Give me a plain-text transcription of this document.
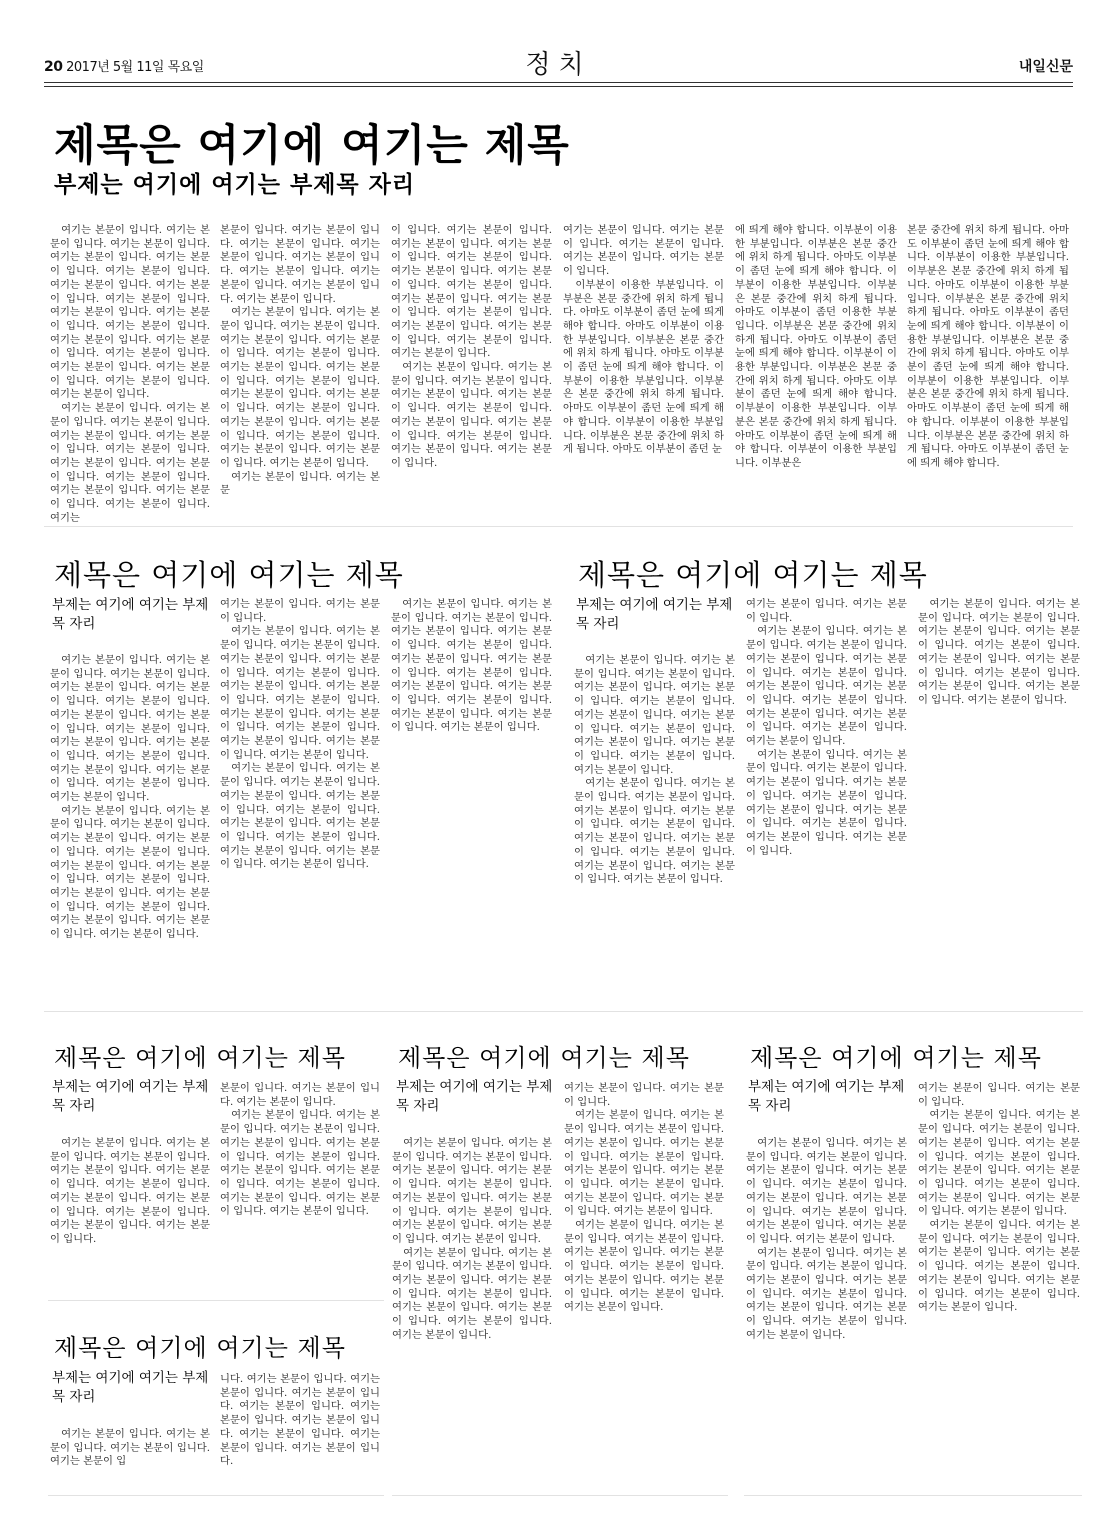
20 2017년 5월 11일 목요일	정치	내일신문
제목은 여기에 여기는 제목
부제는 여기에 여기는 부제목 자리
　여기는 본문이 입니다. 여기는 본문이 입니다. 여기는 본문이 입니다. 여기는 본문이 입니다. 여기는 본문이 입니다. 여기는 본문이 입니다. 여기는 본문이 입니다. 여기는 본문이 입니다. 여기는 본문이 입니다. 여기는 본문이 입니다. 여기는 본문이 입니다. 여기는 본문이 입니다. 여기는 본문이 입니다. 여기는 본문이 입니다. 여기는 본문이 입니다. 여기는 본문이 입니다. 여기는 본문이 입니다. 여기는 본문이 입니다. 여기는 본문이 입니다.
　여기는 본문이 입니다. 여기는 본문이 입니다. 여기는 본문이 입니다. 여기는 본문이 입니다. 여기는 본문이 입니다. 여기는 본문이 입니다. 여기는 본문이 입니다. 여기는 본문이 입니다. 여기는 본문이 입니다. 여기는 본문이 입니다. 여기는 본문이 입니다. 여기는 본문이 입니다. 여기는
본문이 입니다. 여기는 본문이 입니다. 여기는 본문이 입니다. 여기는 본문이 입니다. 여기는 본문이 입니다. 여기는 본문이 입니다. 여기는 본문이 입니다. 여기는 본문이 입니다. 여기는 본문이 입니다.
　여기는 본문이 입니다. 여기는 본문이 입니다. 여기는 본문이 입니다. 여기는 본문이 입니다. 여기는 본문이 입니다. 여기는 본문이 입니다. 여기는 본문이 입니다. 여기는 본문이 입니다. 여기는 본문이 입니다. 여기는 본문이 입니다. 여기는 본문이 입니다. 여기는 본문이 입니다. 여기는 본문이 입니다. 여기는 본문이 입니다. 여기는 본문이 입니다. 여기는 본문이 입니다. 여기는 본문이 입니다. 여기는 본문이 입니다.
　여기는 본문이 입니다. 여기는 본문
이 입니다. 여기는 본문이 입니다. 여기는 본문이 입니다. 여기는 본문이 입니다. 여기는 본문이 입니다. 여기는 본문이 입니다. 여기는 본문이 입니다. 여기는 본문이 입니다. 여기는 본문이 입니다. 여기는 본문이 입니다. 여기는 본문이 입니다. 여기는 본문이 입니다. 여기는 본문이 입니다. 여기는 본문이 입니다. 여기는 본문이 입니다.
　여기는 본문이 입니다. 여기는 본문이 입니다. 여기는 본문이 입니다. 여기는 본문이 입니다. 여기는 본문이 입니다. 여기는 본문이 입니다. 여기는 본문이 입니다. 여기는 본문이 입니다. 여기는 본문이 입니다. 여기는 본문이 입니다. 여기는 본문이 입니다.
여기는 본문이 입니다. 여기는 본문이 입니다. 여기는 본문이 입니다. 여기는 본문이 입니다. 여기는 본문이 입니다.
　이부분이 이용한 부분입니다. 이부분은 본문 중간에 위치 하게 됩니다. 아마도 이부분이 좀던 눈에 띄게 해야 합니다. 아마도 이부분이 이용한 부분입니다. 이부분은 본문 중간에 위치 하게 됩니다. 아마도 이부분이 좀던 눈에 띄게 해야 합니다. 이부분이 이용한 부분입니다. 이부분은 본문 중간에 위치 하게 됩니다. 아마도 이부분이 좀던 눈에 띄게 해야 합니다. 이부분이 이용한 부분입니다. 이부분은 본문 중간에 위치 하게 됩니다. 아마도 이부분이 좀던 눈
에 띄게 해야 합니다. 이부분이 이용한 부분입니다. 이부분은 본문 중간에 위치 하게 됩니다. 아마도 이부분이 좀던 눈에 띄게 해야 합니다. 이부분이 이용한 부분입니다. 이부분은 본문 중간에 위치 하게 됩니다. 아마도 이부분이 좀던 이용한 부분입니다. 이부분은 본문 중간에 위치 하게 됩니다. 아마도 이부분이 좀던 눈에 띄게 해야 합니다. 이부분이 이용한 부분입니다. 이부분은 본문 중간에 위치 하게 됩니다. 아마도 이부분이 좀던 눈에 띄게 해야 합니다. 이부분이 이용한 부분입니다. 이부분은 본문 중간에 위치 하게 됩니다. 아마도 이부분이 좀던 눈에 띄게 해야 합니다. 이부분이 이용한 부분입니다. 이부분은
본문 중간에 위치 하게 됩니다. 아마도 이부분이 좀던 눈에 띄게 해야 합니다. 이부분이 이용한 부분입니다. 이부분은 본문 중간에 위치 하게 됩니다. 아마도 이부분이 이용한 부분입니다. 이부분은 본문 중간에 위치 하게 됩니다. 아마도 이부분이 좀던 눈에 띄게 해야 합니다. 이부분이 이용한 부분입니다. 이부분은 본문 중간에 위치 하게 됩니다. 아마도 이부분이 좀던 눈에 띄게 해야 합니다. 이부분이 이용한 부분입니다. 이부분은 본문 중간에 위치 하게 됩니다. 아마도 이부분이 좀던 눈에 띄게 해야 합니다. 이부분이 이용한 부분입니다. 이부분은 본문 중간에 위치 하게 됩니다. 아마도 이부분이 좀던 눈에 띄게 해야 합니다.
제목은 여기에 여기는 제목
부제는 여기에 여기는 부제목 자리
　여기는 본문이 입니다. 여기는 본문이 입니다. 여기는 본문이 입니다. 여기는 본문이 입니다. 여기는 본문이 입니다. 여기는 본문이 입니다. 여기는 본문이 입니다. 여기는 본문이 입니다. 여기는 본문이 입니다. 여기는 본문이 입니다. 여기는 본문이 입니다. 여기는 본문이 입니다. 여기는 본문이 입니다. 여기는 본문이 입니다. 여기는 본문이 입니다. 여기는 본문이 입니다.
　여기는 본문이 입니다. 여기는 본문이 입니다. 여기는 본문이 입니다. 여기는 본문이 입니다. 여기는 본문이 입니다. 여기는 본문이 입니다. 여기는 본문이 입니다. 여기는 본문이 입니다. 여기는 본문이 입니다. 여기는 본문이 입니다. 여기는 본문이 입니다. 여기는 본문이 입니다. 여기는 본문이 입니다. 여기는 본문이 입니다. 여기는 본문이 입니다.
여기는 본문이 입니다. 여기는 본문이 입니다.
　여기는 본문이 입니다. 여기는 본문이 입니다. 여기는 본문이 입니다. 여기는 본문이 입니다. 여기는 본문이 입니다. 여기는 본문이 입니다. 여기는 본문이 입니다. 여기는 본문이 입니다. 여기는 본문이 입니다. 여기는 본문이 입니다. 여기는 본문이 입니다. 여기는 본문이 입니다. 여기는 본문이 입니다. 여기는 본문이 입니다. 여기는 본문이 입니다.
　여기는 본문이 입니다. 여기는 본문이 입니다. 여기는 본문이 입니다. 여기는 본문이 입니다. 여기는 본문이 입니다. 여기는 본문이 입니다. 여기는 본문이 입니다. 여기는 본문이 입니다. 여기는 본문이 입니다. 여기는 본문이 입니다. 여기는 본문이 입니다. 여기는 본문이 입니다.
　여기는 본문이 입니다. 여기는 본문이 입니다. 여기는 본문이 입니다. 여기는 본문이 입니다. 여기는 본문이 입니다. 여기는 본문이 입니다. 여기는 본문이 입니다. 여기는 본문이 입니다. 여기는 본문이 입니다. 여기는 본문이 입니다. 여기는 본문이 입니다. 여기는 본문이 입니다. 여기는 본문이 입니다. 여기는 본문이 입니다. 여기는 본문이 입니다.
제목은 여기에 여기는 제목
부제는 여기에 여기는 부제목 자리
　여기는 본문이 입니다. 여기는 본문이 입니다. 여기는 본문이 입니다. 여기는 본문이 입니다. 여기는 본문이 입니다. 여기는 본문이 입니다. 여기는 본문이 입니다. 여기는 본문이 입니다. 여기는 본문이 입니다. 여기는 본문이 입니다. 여기는 본문이 입니다. 여기는 본문이 입니다. 여기는 본문이 입니다.
　여기는 본문이 입니다. 여기는 본문이 입니다. 여기는 본문이 입니다. 여기는 본문이 입니다. 여기는 본문이 입니다. 여기는 본문이 입니다. 여기는 본문이 입니다. 여기는 본문이 입니다. 여기는 본문이 입니다. 여기는 본문이 입니다. 여기는 본문이 입니다. 여기는 본문이 입니다.
여기는 본문이 입니다. 여기는 본문이 입니다.
　여기는 본문이 입니다. 여기는 본문이 입니다. 여기는 본문이 입니다. 여기는 본문이 입니다. 여기는 본문이 입니다. 여기는 본문이 입니다. 여기는 본문이 입니다. 여기는 본문이 입니다. 여기는 본문이 입니다. 여기는 본문이 입니다. 여기는 본문이 입니다. 여기는 본문이 입니다. 여기는 본문이 입니다.
　여기는 본문이 입니다. 여기는 본문이 입니다. 여기는 본문이 입니다. 여기는 본문이 입니다. 여기는 본문이 입니다. 여기는 본문이 입니다. 여기는 본문이 입니다. 여기는 본문이 입니다. 여기는 본문이 입니다. 여기는 본문이 입니다. 여기는 본문이 입니다.
　여기는 본문이 입니다. 여기는 본문이 입니다. 여기는 본문이 입니다. 여기는 본문이 입니다. 여기는 본문이 입니다. 여기는 본문이 입니다. 여기는 본문이 입니다. 여기는 본문이 입니다. 여기는 본문이 입니다. 여기는 본문이 입니다. 여기는 본문이 입니다. 여기는 본문이 입니다.
제목은 여기에 여기는 제목
부제는 여기에 여기는 부제목 자리
　여기는 본문이 입니다. 여기는 본문이 입니다. 여기는 본문이 입니다. 여기는 본문이 입니다. 여기는 본문이 입니다. 여기는 본문이 입니다. 여기는 본문이 입니다. 여기는 본문이 입니다. 여기는 본문이 입니다. 여기는 본문이 입니다. 여기는 본문이 입니다.
본문이 입니다. 여기는 본문이 입니다. 여기는 본문이 입니다.
　여기는 본문이 입니다. 여기는 본문이 입니다. 여기는 본문이 입니다. 여기는 본문이 입니다. 여기는 본문이 입니다. 여기는 본문이 입니다. 여기는 본문이 입니다. 여기는 본문이 입니다. 여기는 본문이 입니다. 여기는 본문이 입니다. 여기는 본문이 입니다. 여기는 본문이 입니다.
제목은 여기에 여기는 제목
부제는 여기에 여기는 부제목 자리
　여기는 본문이 입니다. 여기는 본문이 입니다. 여기는 본문이 입니다. 여기는 본문이 입
니다. 여기는 본문이 입니다. 여기는 본문이 입니다. 여기는 본문이 입니다. 여기는 본문이 입니다. 여기는 본문이 입니다. 여기는 본문이 입니다. 여기는 본문이 입니다. 여기는 본문이 입니다. 여기는 본문이 입니다.
제목은 여기에 여기는 제목
부제는 여기에 여기는 부제목 자리
　여기는 본문이 입니다. 여기는 본문이 입니다. 여기는 본문이 입니다. 여기는 본문이 입니다. 여기는 본문이 입니다. 여기는 본문이 입니다. 여기는 본문이 입니다. 여기는 본문이 입니다. 여기는 본문이 입니다. 여기는 본문이 입니다. 여기는 본문이 입니다. 여기는 본문이 입니다.
　여기는 본문이 입니다. 여기는 본문이 입니다. 여기는 본문이 입니다. 여기는 본문이 입니다. 여기는 본문이 입니다. 여기는 본문이 입니다. 여기는 본문이 입니다. 여기는 본문이 입니다. 여기는 본문이 입니다. 여기는 본문이 입니다.
여기는 본문이 입니다. 여기는 본문이 입니다.
　여기는 본문이 입니다. 여기는 본문이 입니다. 여기는 본문이 입니다. 여기는 본문이 입니다. 여기는 본문이 입니다. 여기는 본문이 입니다. 여기는 본문이 입니다. 여기는 본문이 입니다. 여기는 본문이 입니다. 여기는 본문이 입니다. 여기는 본문이 입니다. 여기는 본문이 입니다.
　여기는 본문이 입니다. 여기는 본문이 입니다. 여기는 본문이 입니다. 여기는 본문이 입니다. 여기는 본문이 입니다. 여기는 본문이 입니다. 여기는 본문이 입니다. 여기는 본문이 입니다. 여기는 본문이 입니다. 여기는 본문이 입니다.
제목은 여기에 여기는 제목
부제는 여기에 여기는 부제목 자리
　여기는 본문이 입니다. 여기는 본문이 입니다. 여기는 본문이 입니다. 여기는 본문이 입니다. 여기는 본문이 입니다. 여기는 본문이 입니다. 여기는 본문이 입니다. 여기는 본문이 입니다. 여기는 본문이 입니다. 여기는 본문이 입니다. 여기는 본문이 입니다. 여기는 본문이 입니다.
　여기는 본문이 입니다. 여기는 본문이 입니다. 여기는 본문이 입니다. 여기는 본문이 입니다. 여기는 본문이 입니다. 여기는 본문이 입니다. 여기는 본문이 입니다. 여기는 본문이 입니다. 여기는 본문이 입니다. 여기는 본문이 입니다.
여기는 본문이 입니다. 여기는 본문이 입니다.
　여기는 본문이 입니다. 여기는 본문이 입니다. 여기는 본문이 입니다. 여기는 본문이 입니다. 여기는 본문이 입니다. 여기는 본문이 입니다. 여기는 본문이 입니다. 여기는 본문이 입니다. 여기는 본문이 입니다. 여기는 본문이 입니다. 여기는 본문이 입니다. 여기는 본문이 입니다.
　여기는 본문이 입니다. 여기는 본문이 입니다. 여기는 본문이 입니다. 여기는 본문이 입니다. 여기는 본문이 입니다. 여기는 본문이 입니다. 여기는 본문이 입니다. 여기는 본문이 입니다. 여기는 본문이 입니다. 여기는 본문이 입니다.
